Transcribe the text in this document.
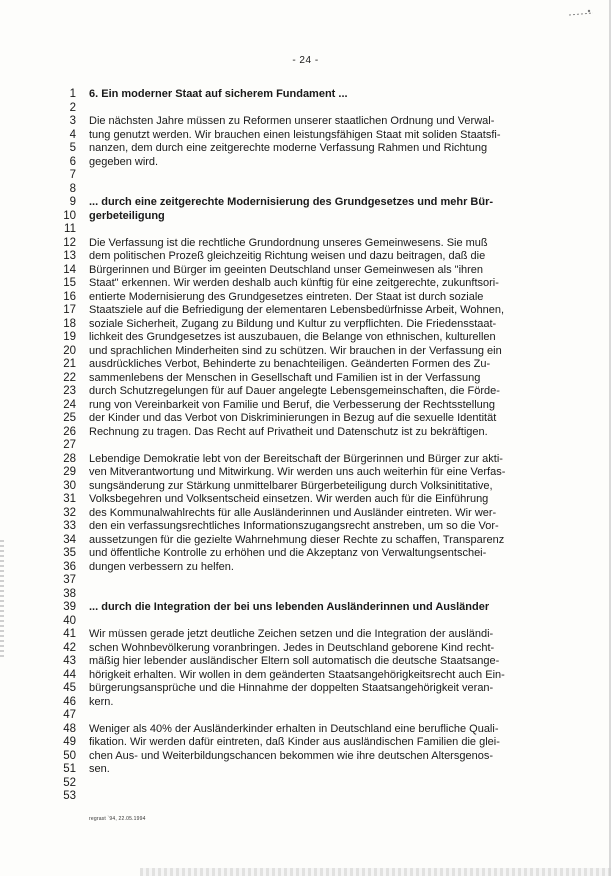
- 24 -
1
2
3
4
5
6
7
8
9
10
11
12
13
14
15
16
17
18
19
20
21
22
23
24
25
26
27
28
29
30
31
32
33
34
35
36
37
38
39
40
41
42
43
44
45
46
47
48
49
50
51
52
53
6. Ein moderner Staat auf sicherem Fundament ...
Die nächsten Jahre müssen zu Reformen unserer staatlichen Ordnung und Verwal-
tung genutzt werden. Wir brauchen einen leistungsfähigen Staat mit soliden Staatsfi-
nanzen, dem durch eine zeitgerechte moderne Verfassung Rahmen und Richtung
gegeben wird.
... durch eine zeitgerechte Modernisierung des Grundgesetzes und mehr Bür-
gerbeteiligung
Die Verfassung ist die rechtliche Grundordnung unseres Gemeinwesens. Sie muß
dem politischen Prozeß gleichzeitig Richtung weisen und dazu beitragen, daß die
Bürgerinnen und Bürger im geeinten Deutschland unser Gemeinwesen als "ihren
Staat" erkennen. Wir werden deshalb auch künftig für eine zeitgerechte, zukunftsori-
entierte Modernisierung des Grundgesetzes eintreten. Der Staat ist durch soziale
Staatsziele auf die Befriedigung der elementaren Lebensbedürfnisse Arbeit, Wohnen,
soziale Sicherheit, Zugang zu Bildung und Kultur zu verpflichten. Die Friedensstaat-
lichkeit des Grundgesetzes ist auszubauen, die Belange von ethnischen, kulturellen
und sprachlichen Minderheiten sind zu schützen. Wir brauchen in der Verfassung ein
ausdrückliches Verbot, Behinderte zu benachteiligen. Geänderten Formen des Zu-
sammenlebens der Menschen in Gesellschaft und Familien ist in der Verfassung
durch Schutzregelungen für auf Dauer angelegte Lebensgemeinschaften, die Förde-
rung von Vereinbarkeit von Familie und Beruf, die Verbesserung der Rechtsstellung
der Kinder und das Verbot von Diskriminierungen in Bezug auf die sexuelle Identität
Rechnung zu tragen. Das Recht auf Privatheit und Datenschutz ist zu bekräftigen.
Lebendige Demokratie lebt von der Bereitschaft der Bürgerinnen und Bürger zur akti-
ven Mitverantwortung und Mitwirkung. Wir werden uns auch weiterhin für eine Verfas-
sungsänderung zur Stärkung unmittelbarer Bürgerbeteiligung durch Volksinititative,
Volksbegehren und Volksentscheid einsetzen. Wir werden auch für die Einführung
des Kommunalwahlrechts für alle Ausländerinnen und Ausländer eintreten. Wir wer-
den ein verfassungsrechtliches Informationszugangsrecht anstreben, um so die Vor-
aussetzungen für die gezielte Wahrnehmung dieser Rechte zu schaffen, Transparenz
und öffentliche Kontrolle zu erhöhen und die Akzeptanz von Verwaltungsentschei-
dungen verbessern zu helfen.
... durch die Integration der bei uns lebenden Ausländerinnen und Ausländer
Wir müssen gerade jetzt deutliche Zeichen setzen und die Integration der ausländi-
schen Wohnbevölkerung voranbringen. Jedes in Deutschland geborene Kind recht-
mäßig hier lebender ausländischer Eltern soll automatisch die deutsche Staatsange-
hörigkeit erhalten. Wir wollen in dem geänderten Staatsangehörigkeitsrecht auch Ein-
bürgerungsansprüche und die Hinnahme der doppelten Staatsangehörigkeit veran-
kern.
Weniger als 40% der Ausländerkinder erhalten in Deutschland eine berufliche Quali-
fikation. Wir werden dafür eintreten, daß Kinder aus ausländischen Familien die glei-
chen Aus- und Weiterbildungschancen bekommen wie ihre deutschen Altersgenos-
sen.
regrast `94, 22.05.1994
